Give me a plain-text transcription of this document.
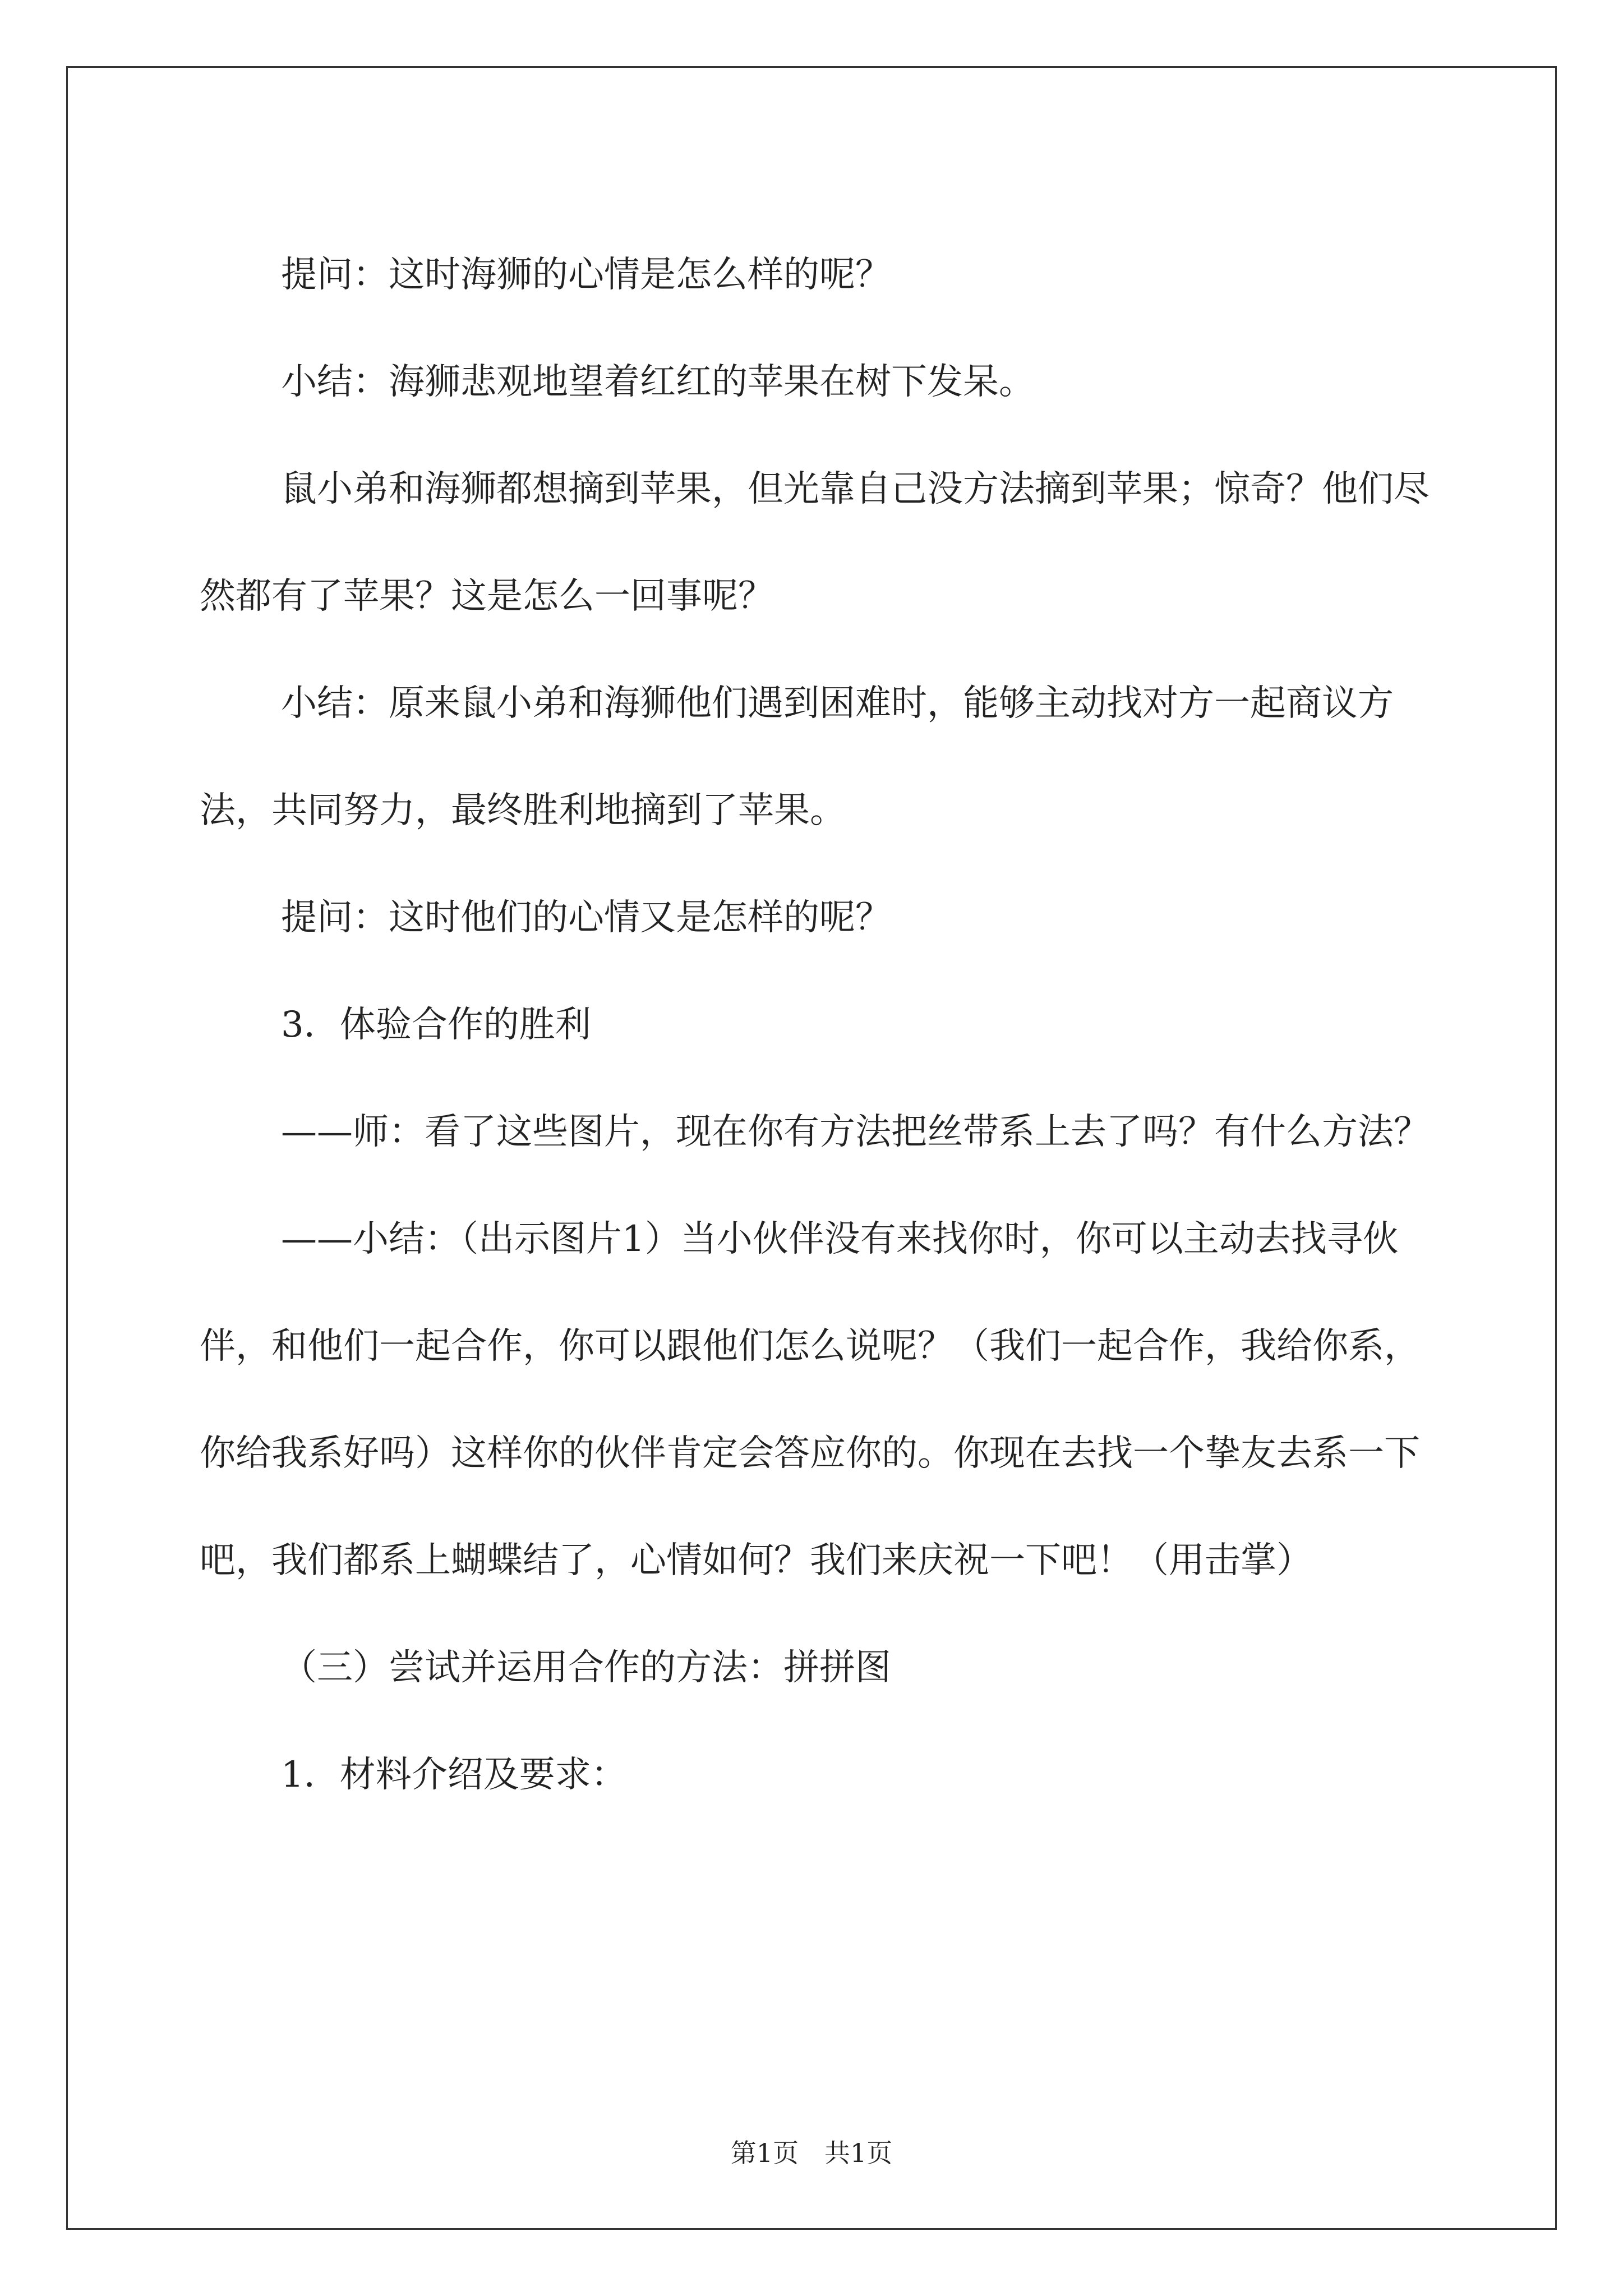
提问：这时海狮的心情是怎么样的呢？

小结：海狮悲观地望着红红的苹果在树下发呆。

鼠小弟和海狮都想摘到苹果，但光靠自己没方法摘到苹果；惊奇？他们尽然都有了苹果？这是怎么一回事呢？

小结：原来鼠小弟和海狮他们遇到困难时，能够主动找对方一起商议方法，共同努力，最终胜利地摘到了苹果。

提问：这时他们的心情又是怎样的呢？

3．体验合作的胜利

——师：看了这些图片，现在你有方法把丝带系上去了吗？有什么方法？

——小结：（出示图片1）当小伙伴没有来找你时，你可以主动去找寻伙伴，和他们一起合作，你可以跟他们怎么说呢？（我们一起合作，我给你系，你给我系好吗）这样你的伙伴肯定会答应你的。你现在去找一个挚友去系一下吧，我们都系上蝴蝶结了，心情如何？我们来庆祝一下吧！（用击掌）

（三）尝试并运用合作的方法：拼拼图

1．材料介绍及要求：

第1页　共1页
